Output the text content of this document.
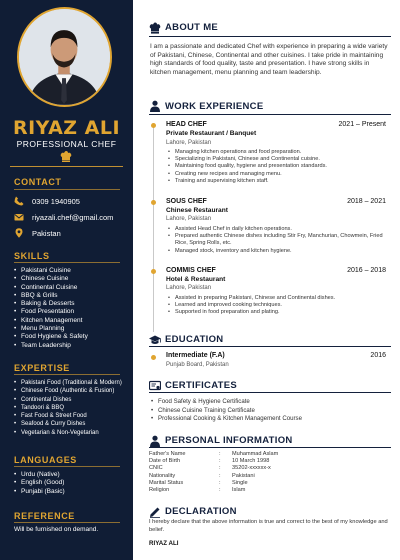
RIYAZ ALI
PROFESSIONAL CHEF
CONTACT
0309 1940905
riyazali.chef@gmail.com
Pakistan
SKILLS
• Pakistani Cuisine
• Chinese Cuisine
• Continental Cuisine
• BBQ & Grills
• Baking & Desserts
• Food Presentation
• Kitchen Management
• Menu Planning
• Food Hygiene & Safety
• Team Leadership
EXPERTISE
• Pakistani Food (Traditional & Modern)
• Chinese Food (Authentic & Fusion)
• Continental Dishes
• Tandoori & BBQ
• Fast Food & Street Food
• Seafood & Curry Dishes
• Vegetarian & Non-Vegetarian
LANGUAGES
• Urdu (Native)
• English (Good)
• Punjabi (Basic)
REFERENCE
Will be furnished on demand.
ABOUT ME
I am a passionate and dedicated Chef with experience in preparing a wide variety of Pakistani, Chinese, Continental and other cuisines. I take pride in maintaining high standards of food quality, taste and presentation. I have strong skills in kitchen management, menu planning and team leadership.
WORK EXPERIENCE
HEAD CHEF	2021 – Present
Private Restaurant / Banquet
Lahore, Pakistan
• Managing kitchen operations and food preparation.
• Specializing in Pakistani, Chinese and Continental cuisine.
• Maintaining food quality, hygiene and presentation standards.
• Creating new recipes and managing menu.
• Training and supervising kitchen staff.
SOUS CHEF	2018 – 2021
Chinese Restaurant
Lahore, Pakistan
• Assisted Head Chef in daily kitchen operations.
• Prepared authentic Chinese dishes including Stir Fry, Manchurian, Chowmein, Fried Rice, Spring Rolls, etc.
• Managed stock, inventory and kitchen hygiene.
COMMIS CHEF	2016 – 2018
Hotel & Restaurant
Lahore, Pakistan
• Assisted in preparing Pakistani, Chinese and Continental dishes.
• Learned and improved cooking techniques.
• Supported in food preparation and plating.
EDUCATION
Intermediate (F.A)	2016
Punjab Board, Pakistan
CERTIFICATES
• Food Safety & Hygiene Certificate
• Chinese Cuisine Training Certificate
• Professional Cooking & Kitchen Management Course
PERSONAL INFORMATION
Father's Name	:	Muhammad Aslam
Date of Birth	:	10 March 1998
CNIC	:	35202-xxxxxx-x
Nationality	:	Pakistani
Marital Status	:	Single
Religion	:	Islam
DECLARATION
I hereby declare that the above information is true and correct to the best of my knowledge and belief.
RIYAZ ALI
